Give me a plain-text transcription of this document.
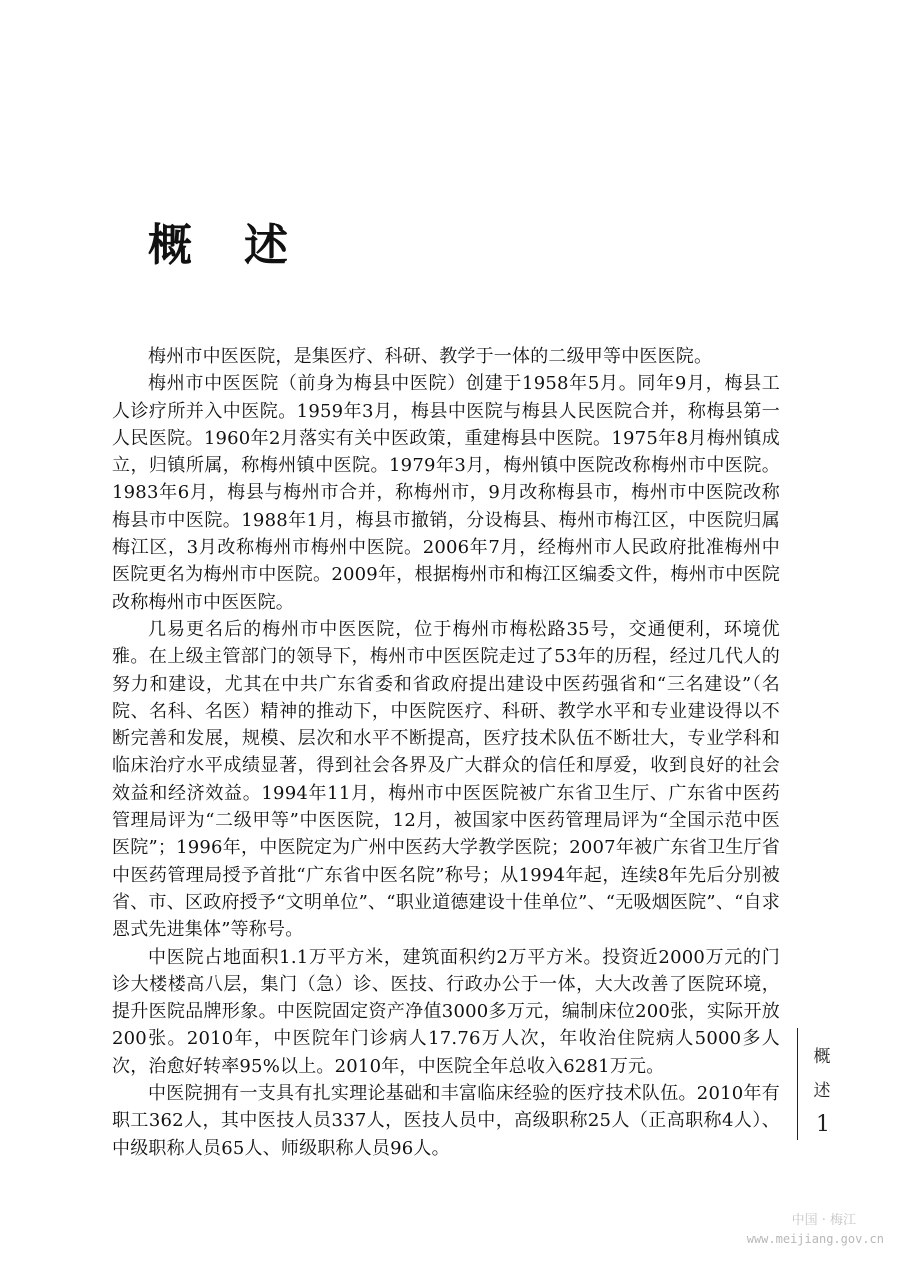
概述

梅州市中医医院，是集医疗、科研、教学于一体的二级甲等中医医院。

梅州市中医医院（前身为梅县中医院）创建于1958年5月。同年9月，梅县工人诊疗所并入中医院。1959年3月，梅县中医院与梅县人民医院合并，称梅县第一人民医院。1960年2月落实有关中医政策，重建梅县中医院。1975年8月梅州镇成立，归镇所属，称梅州镇中医院。1979年3月，梅州镇中医院改称梅州市中医院。1983年6月，梅县与梅州市合并，称梅州市，9月改称梅县市，梅州市中医院改称梅县市中医院。1988年1月，梅县市撤销，分设梅县、梅州市梅江区，中医院归属梅江区，3月改称梅州市梅州中医院。2006年7月，经梅州市人民政府批准梅州中医院更名为梅州市中医院。2009年，根据梅州市和梅江区编委文件，梅州市中医院改称梅州市中医医院。

几易更名后的梅州市中医医院，位于梅州市梅松路35号，交通便利，环境优雅。在上级主管部门的领导下，梅州市中医医院走过了53年的历程，经过几代人的努力和建设，尤其在中共广东省委和省政府提出建设中医药强省和“三名建设”（名院、名科、名医）精神的推动下，中医院医疗、科研、教学水平和专业建设得以不断完善和发展，规模、层次和水平不断提高，医疗技术队伍不断壮大，专业学科和临床治疗水平成绩显著，得到社会各界及广大群众的信任和厚爱，收到良好的社会效益和经济效益。1994年11月，梅州市中医医院被广东省卫生厅、广东省中医药管理局评为“二级甲等”中医医院，12月，被国家中医药管理局评为“全国示范中医医院”；1996年，中医院定为广州中医药大学教学医院；2007年被广东省卫生厅省中医药管理局授予首批“广东省中医名院”称号；从1994年起，连续8年先后分别被省、市、区政府授予“文明单位”、“职业道德建设十佳单位”、“无吸烟医院”、“自求恩式先进集体”等称号。

中医院占地面积1.1万平方米，建筑面积约2万平方米。投资近2000万元的门诊大楼楼高八层，集门（急）诊、医技、行政办公于一体，大大改善了医院环境，提升医院品牌形象。中医院固定资产净值3000多万元，编制床位200张，实际开放200张。2010年，中医院年门诊病人17.76万人次，年收治住院病人5000多人次，治愈好转率95%以上。2010年，中医院全年总收入6281万元。

中医院拥有一支具有扎实理论基础和丰富临床经验的医疗技术队伍。2010年有职工362人，其中医技人员337人，医技人员中，高级职称25人（正高职称4人）、中级职称人员65人、师级职称人员96人。

概
述
1
中国 · 梅江
www.meijiang.gov.cn
